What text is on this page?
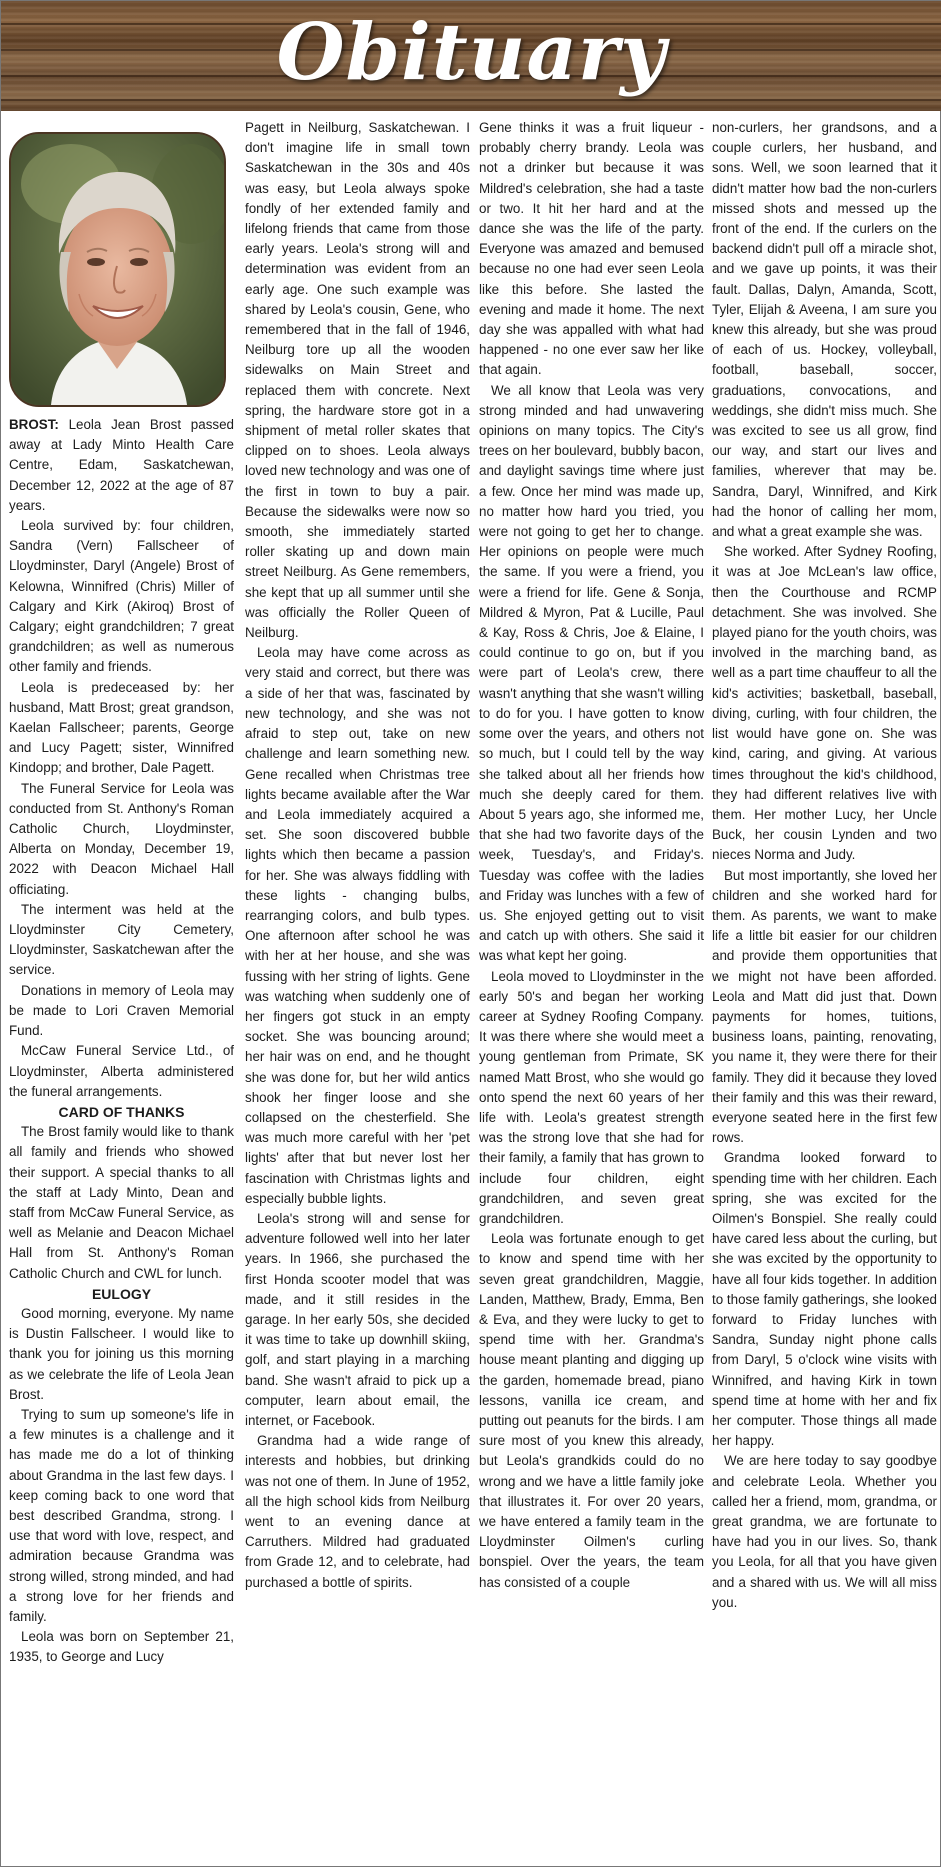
Obituary

BROST: Leola Jean Brost passed away at Lady Minto Health Care Centre, Edam, Saskatchewan, December 12, 2022 at the age of 87 years.

Leola survived by: four children, Sandra (Vern) Fallscheer of Lloydminster, Daryl (Angele) Brost of Kelowna, Winnifred (Chris) Miller of Calgary and Kirk (Akiroq) Brost of Calgary; eight grandchildren; 7 great grandchildren; as well as numerous other family and friends.

Leola is predeceased by: her husband, Matt Brost; great grandson, Kaelan Fallscheer; parents, George and Lucy Pagett; sister, Winnifred Kindopp; and brother, Dale Pagett.

The Funeral Service for Leola was conducted from St. Anthony's Roman Catholic Church, Lloydminster, Alberta on Monday, December 19, 2022 with Deacon Michael Hall officiating.

The interment was held at the Lloydminster City Cemetery, Lloydminster, Saskatchewan after the service.

Donations in memory of Leola may be made to Lori Craven Memorial Fund.

McCaw Funeral Service Ltd., of Lloydminster, Alberta administered the funeral arrangements.

CARD OF THANKS

The Brost family would like to thank all family and friends who showed their support. A special thanks to all the staff at Lady Minto, Dean and staff from McCaw Funeral Service, as well as Melanie and Deacon Michael Hall from St. Anthony's Roman Catholic Church and CWL for lunch.

EULOGY

Good morning, everyone. My name is Dustin Fallscheer. I would like to thank you for joining us this morning as we celebrate the life of Leola Jean Brost.

Trying to sum up someone's life in a few minutes is a challenge and it has made me do a lot of thinking about Grandma in the last few days. I keep coming back to one word that best described Grandma, strong. I use that word with love, respect, and admiration because Grandma was strong willed, strong minded, and had a strong love for her friends and family.

Leola was born on September 21, 1935, to George and Lucy

Pagett in Neilburg, Saskatchewan. I don't imagine life in small town Saskatchewan in the 30s and 40s was easy, but Leola always spoke fondly of her extended family and lifelong friends that came from those early years. Leola's strong will and determination was evident from an early age. One such example was shared by Leola's cousin, Gene, who remembered that in the fall of 1946, Neilburg tore up all the wooden sidewalks on Main Street and replaced them with concrete. Next spring, the hardware store got in a shipment of metal roller skates that clipped on to shoes. Leola always loved new technology and was one of the first in town to buy a pair. Because the sidewalks were now so smooth, she immediately started roller skating up and down main street Neilburg. As Gene remembers, she kept that up all summer until she was officially the Roller Queen of Neilburg.

Leola may have come across as very staid and correct, but there was a side of her that was, fascinated by new technology, and she was not afraid to step out, take on new challenge and learn something new. Gene recalled when Christmas tree lights became available after the War and Leola immediately acquired a set. She soon discovered bubble lights which then became a passion for her. She was always fiddling with these lights - changing bulbs, rearranging colors, and bulb types. One afternoon after school he was with her at her house, and she was fussing with her string of lights. Gene was watching when suddenly one of her fingers got stuck in an empty socket. She was bouncing around; her hair was on end, and he thought she was done for, but her wild antics shook her finger loose and she collapsed on the chesterfield. She was much more careful with her 'pet lights' after that but never lost her fascination with Christmas lights and especially bubble lights.

Leola's strong will and sense for adventure followed well into her later years. In 1966, she purchased the first Honda scooter model that was made, and it still resides in the garage. In her early 50s, she decided it was time to take up downhill skiing, golf, and start playing in a marching band. She wasn't afraid to pick up a computer, learn about email, the internet, or Facebook.

Grandma had a wide range of interests and hobbies, but drinking was not one of them. In June of 1952, all the high school kids from Neilburg went to an evening dance at Carruthers. Mildred had graduated from Grade 12, and to celebrate, had purchased a bottle of spirits.

Gene thinks it was a fruit liqueur - probably cherry brandy. Leola was not a drinker but because it was Mildred's celebration, she had a taste or two. It hit her hard and at the dance she was the life of the party. Everyone was amazed and bemused because no one had ever seen Leola like this before. She lasted the evening and made it home. The next day she was appalled with what had happened - no one ever saw her like that again.

We all know that Leola was very strong minded and had unwavering opinions on many topics. The City's trees on her boulevard, bubbly bacon, and daylight savings time where just a few. Once her mind was made up, no matter how hard you tried, you were not going to get her to change. Her opinions on people were much the same. If you were a friend, you were a friend for life. Gene & Sonja, Mildred & Myron, Pat & Lucille, Paul & Kay, Ross & Chris, Joe & Elaine, I could continue to go on, but if you were part of Leola's crew, there wasn't anything that she wasn't willing to do for you. I have gotten to know some over the years, and others not so much, but I could tell by the way she talked about all her friends how much she deeply cared for them. About 5 years ago, she informed me, that she had two favorite days of the week, Tuesday's, and Friday's. Tuesday was coffee with the ladies and Friday was lunches with a few of us. She enjoyed getting out to visit and catch up with others. She said it was what kept her going.

Leola moved to Lloydminster in the early 50's and began her working career at Sydney Roofing Company. It was there where she would meet a young gentleman from Primate, SK named Matt Brost, who she would go onto spend the next 60 years of her life with. Leola's greatest strength was the strong love that she had for their family, a family that has grown to include four children, eight grandchildren, and seven great grandchildren.

Leola was fortunate enough to get to know and spend time with her seven great grandchildren, Maggie, Landen, Matthew, Brady, Emma, Ben & Eva, and they were lucky to get to spend time with her. Grandma's house meant planting and digging up the garden, homemade bread, piano lessons, vanilla ice cream, and putting out peanuts for the birds. I am sure most of you knew this already, but Leola's grandkids could do no wrong and we have a little family joke that illustrates it. For over 20 years, we have entered a family team in the Lloydminster Oilmen's curling bonspiel. Over the years, the team has consisted of a couple

non-curlers, her grandsons, and a couple curlers, her husband, and sons. Well, we soon learned that it didn't matter how bad the non-curlers missed shots and messed up the front of the end. If the curlers on the backend didn't pull off a miracle shot, and we gave up points, it was their fault. Dallas, Dalyn, Amanda, Scott, Tyler, Elijah & Aveena, I am sure you knew this already, but she was proud of each of us. Hockey, volleyball, football, baseball, soccer, graduations, convocations, and weddings, she didn't miss much. She was excited to see us all grow, find our way, and start our lives and families, wherever that may be. Sandra, Daryl, Winnifred, and Kirk had the honor of calling her mom, and what a great example she was.

She worked. After Sydney Roofing, it was at Joe McLean's law office, then the Courthouse and RCMP detachment. She was involved. She played piano for the youth choirs, was involved in the marching band, as well as a part time chauffeur to all the kid's activities; basketball, baseball, diving, curling, with four children, the list would have gone on. She was kind, caring, and giving. At various times throughout the kid's childhood, they had different relatives live with them. Her mother Lucy, her Uncle Buck, her cousin Lynden and two nieces Norma and Judy.

But most importantly, she loved her children and she worked hard for them. As parents, we want to make life a little bit easier for our children and provide them opportunities that we might not have been afforded. Leola and Matt did just that. Down payments for homes, tuitions, business loans, painting, renovating, you name it, they were there for their family. They did it because they loved their family and this was their reward, everyone seated here in the first few rows.

Grandma looked forward to spending time with her children. Each spring, she was excited for the Oilmen's Bonspiel. She really could have cared less about the curling, but she was excited by the opportunity to have all four kids together. In addition to those family gatherings, she looked forward to Friday lunches with Sandra, Sunday night phone calls from Daryl, 5 o'clock wine visits with Winnifred, and having Kirk in town spend time at home with her and fix her computer. Those things all made her happy.

We are here today to say goodbye and celebrate Leola. Whether you called her a friend, mom, grandma, or great grandma, we are fortunate to have had you in our lives. So, thank you Leola, for all that you have given and a shared with us. We will all miss you.
